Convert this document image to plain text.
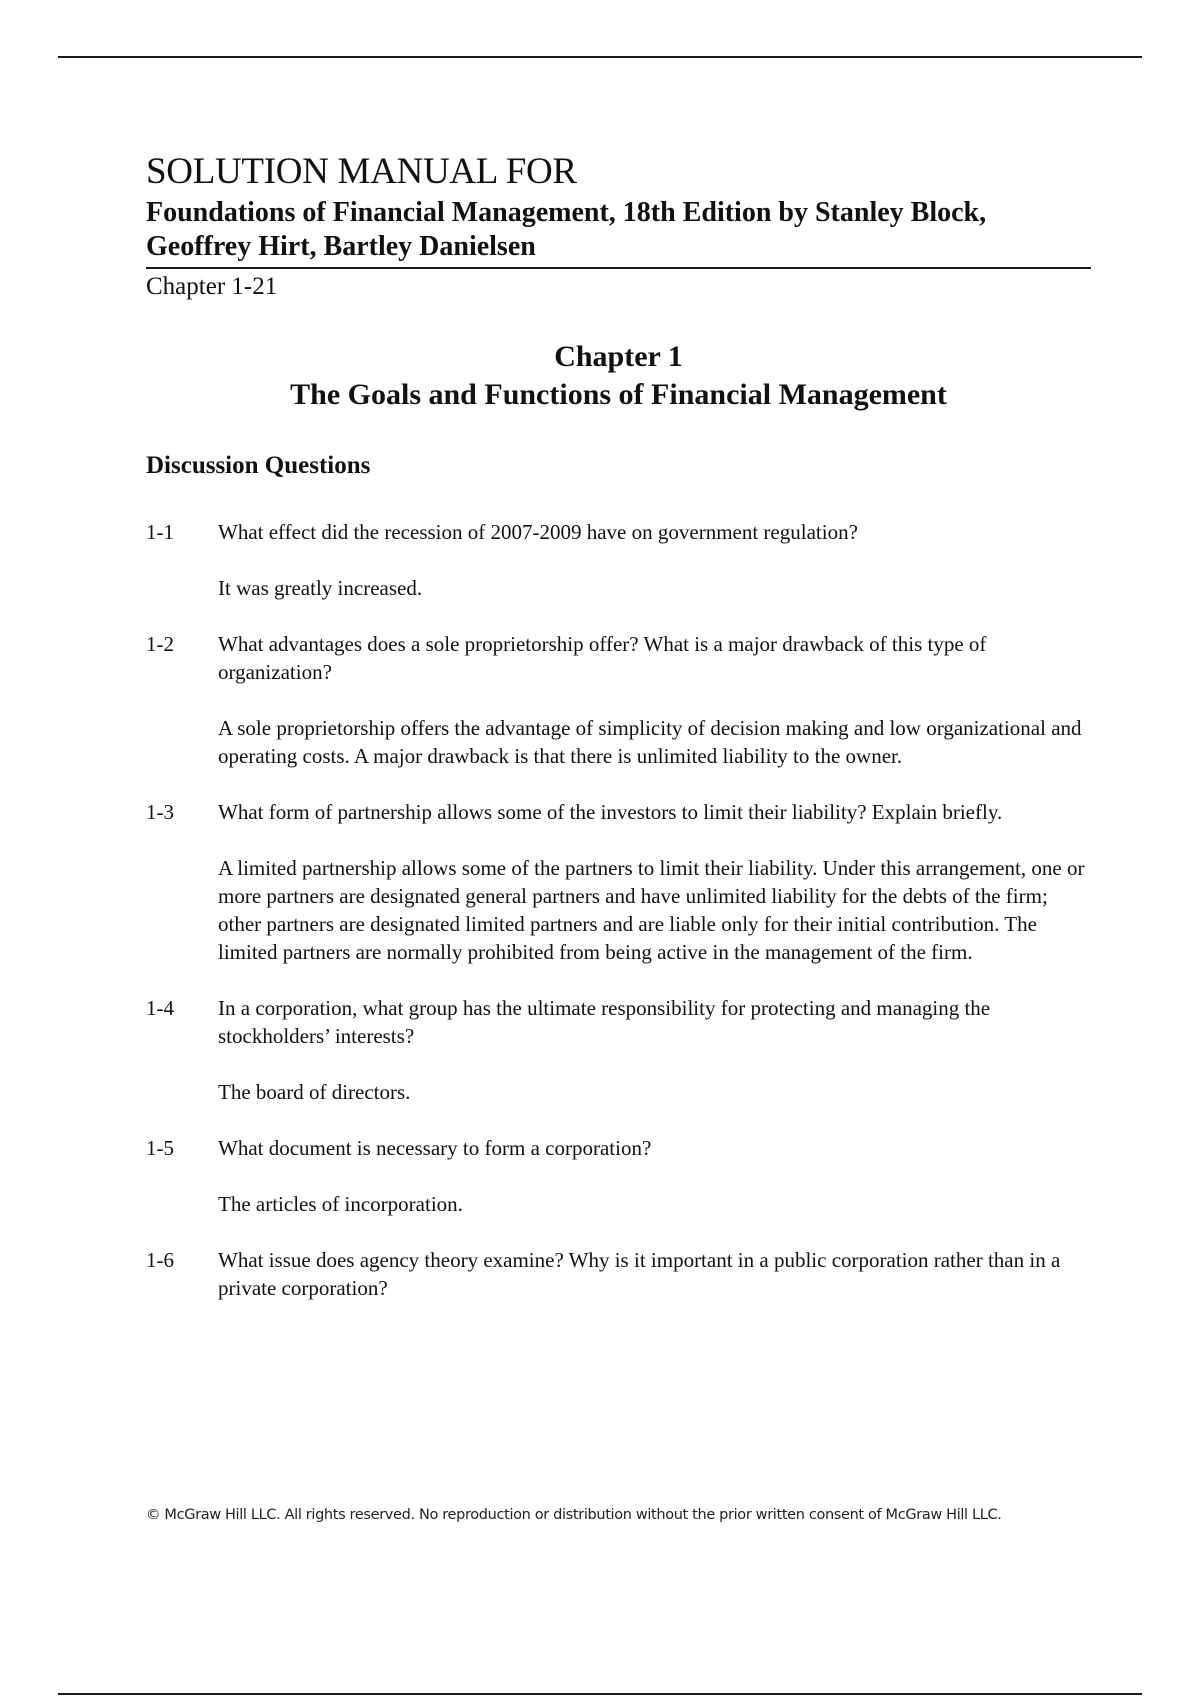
SOLUTION MANUAL FOR
Foundations of Financial Management, 18th Edition by Stanley Block,
Geoffrey Hirt, Bartley Danielsen
Chapter 1-21
Chapter 1
The Goals and Functions of Financial Management
Discussion Questions
1-1 What effect did the recession of 2007-2009 have on government regulation?

It was greatly increased.

1-2 What advantages does a sole proprietorship offer? What is a major drawback of this type of organization?

A sole proprietorship offers the advantage of simplicity of decision making and low organizational and operating costs. A major drawback is that there is unlimited liability to the owner.

1-3 What form of partnership allows some of the investors to limit their liability? Explain briefly.

A limited partnership allows some of the partners to limit their liability. Under this arrangement, one or more partners are designated general partners and have unlimited liability for the debts of the firm; other partners are designated limited partners and are liable only for their initial contribution. The limited partners are normally prohibited from being active in the management of the firm.

1-4 In a corporation, what group has the ultimate responsibility for protecting and managing the stockholders’ interests?

The board of directors.

1-5 What document is necessary to form a corporation?

The articles of incorporation.

1-6 What issue does agency theory examine? Why is it important in a public corporation rather than in a private corporation?

© McGraw Hill LLC. All rights reserved. No reproduction or distribution without the prior written consent of McGraw Hill LLC.
